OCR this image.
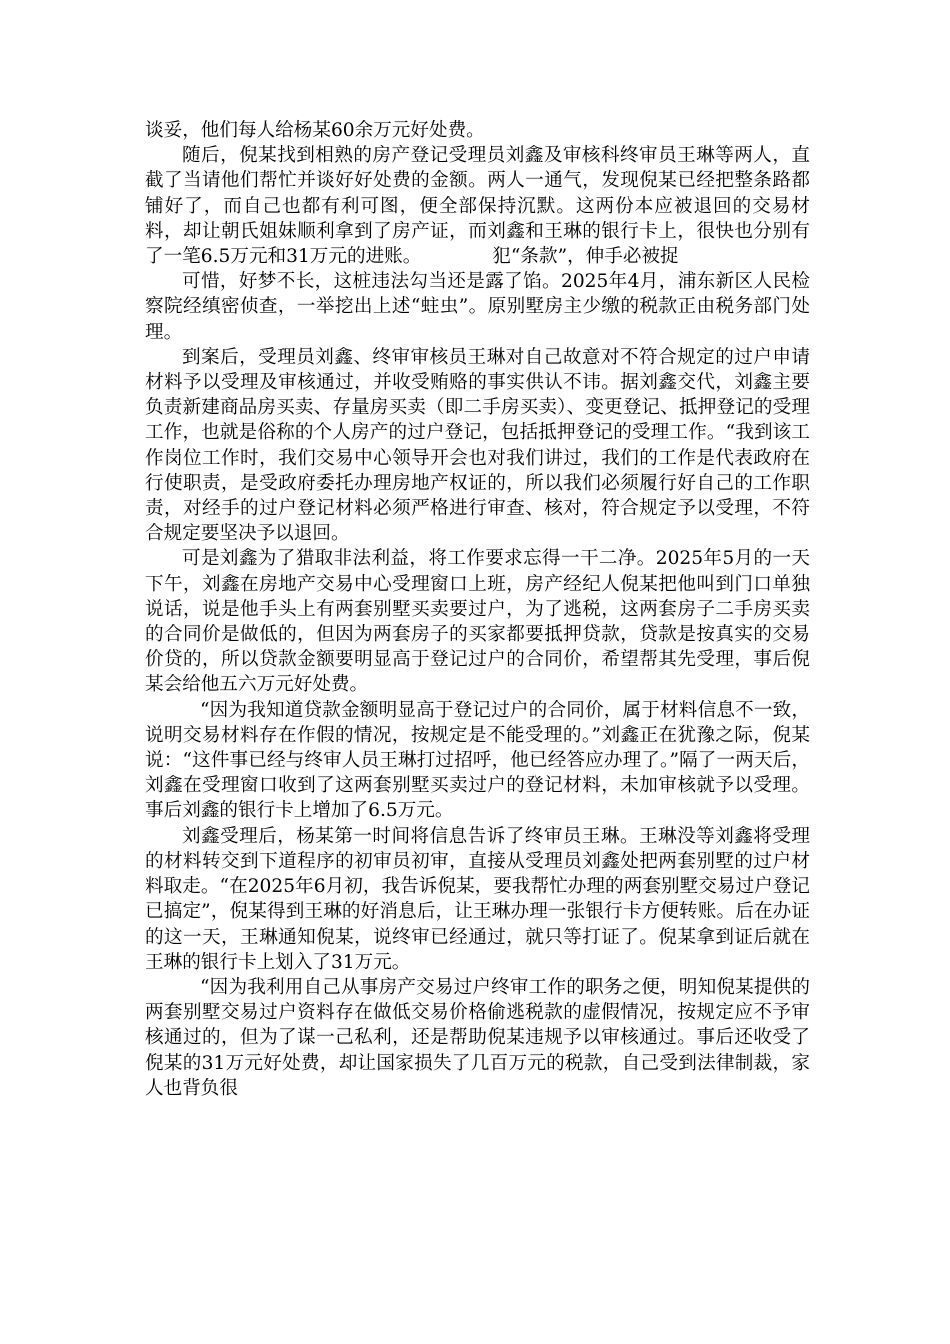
谈妥，他们每人给杨某60余万元好处费。

随后，倪某找到相熟的房产登记受理员刘鑫及审核科终审员王琳等两人，直截了当请他们帮忙并谈好好处费的金额。两人一通气，发现倪某已经把整条路都铺好了，而自己也都有利可图，便全部保持沉默。这两份本应被退回的交易材料，却让朝氏姐妹顺利拿到了房产证，而刘鑫和王琳的银行卡上，很快也分别有了一笔6.5万元和31万元的进账。	犯“条款”，伸手必被捉

可惜，好梦不长，这桩违法勾当还是露了馅。2025年4月，浦东新区人民检察院经缜密侦查，一举挖出上述“蛀虫”。原别墅房主少缴的税款正由税务部门处理。

到案后，受理员刘鑫、终审审核员王琳对自己故意对不符合规定的过户申请材料予以受理及审核通过，并收受贿赂的事实供认不讳。据刘鑫交代，刘鑫主要负责新建商品房买卖、存量房买卖（即二手房买卖）、变更登记、抵押登记的受理工作，也就是俗称的个人房产的过户登记，包括抵押登记的受理工作。“我到该工作岗位工作时，我们交易中心领导开会也对我们讲过，我们的工作是代表政府在行使职责，是受政府委托办理房地产权证的，所以我们必须履行好自己的工作职责，对经手的过户登记材料必须严格进行审查、核对，符合规定予以受理，不符合规定要坚决予以退回。

可是刘鑫为了猎取非法利益，将工作要求忘得一干二净。2025年5月的一天下午，刘鑫在房地产交易中心受理窗口上班，房产经纪人倪某把他叫到门口单独说话，说是他手头上有两套别墅买卖要过户，为了逃税，这两套房子二手房买卖的合同价是做低的，但因为两套房子的买家都要抵押贷款，贷款是按真实的交易价贷的，所以贷款金额要明显高于登记过户的合同价，希望帮其先受理，事后倪某会给他五六万元好处费。

“因为我知道贷款金额明显高于登记过户的合同价，属于材料信息不一致，说明交易材料存在作假的情况，按规定是不能受理的。”刘鑫正在犹豫之际，倪某说：“这件事已经与终审人员王琳打过招呼，他已经答应办理了。”隔了一两天后，刘鑫在受理窗口收到了这两套别墅买卖过户的登记材料，未加审核就予以受理。事后刘鑫的银行卡上增加了6.5万元。

刘鑫受理后，杨某第一时间将信息告诉了终审员王琳。王琳没等刘鑫将受理的材料转交到下道程序的初审员初审，直接从受理员刘鑫处把两套别墅的过户材料取走。“在2025年6月初，我告诉倪某，要我帮忙办理的两套别墅交易过户登记已搞定”，倪某得到王琳的好消息后，让王琳办理一张银行卡方便转账。后在办证的这一天，王琳通知倪某，说终审已经通过，就只等打证了。倪某拿到证后就在王琳的银行卡上划入了31万元。

“因为我利用自己从事房产交易过户终审工作的职务之便，明知倪某提供的两套别墅交易过户资料存在做低交易价格偷逃税款的虚假情况，按规定应不予审核通过的，但为了谋一己私利，还是帮助倪某违规予以审核通过。事后还收受了倪某的31万元好处费，却让国家损失了几百万元的税款，自己受到法律制裁，家人也背负很
